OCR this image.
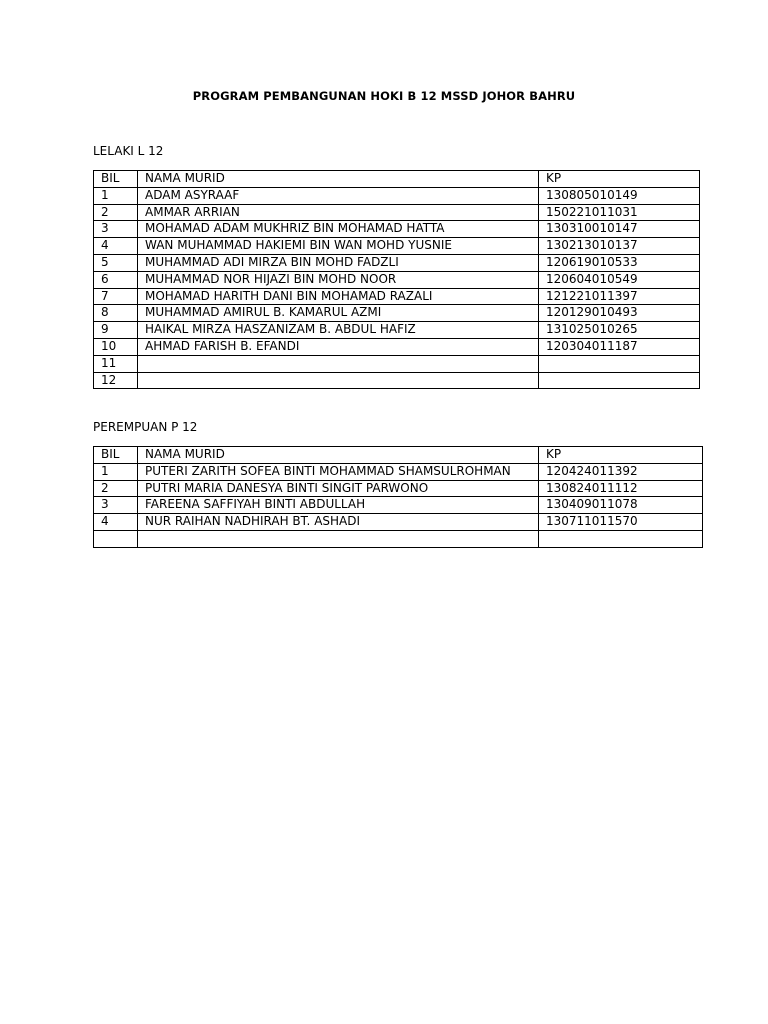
PROGRAM PEMBANGUNAN HOKI B 12 MSSD JOHOR BAHRU
LELAKI L 12
BIL	NAMA MURID	KP
1	ADAM ASYRAAF	130805010149
2	AMMAR ARRIAN	150221011031
3	MOHAMAD ADAM MUKHRIZ BIN MOHAMAD HATTA	130310010147
4	WAN MUHAMMAD HAKIEMI BIN WAN MOHD YUSNIE	130213010137
5	MUHAMMAD ADI MIRZA BIN MOHD FADZLI	120619010533
6	MUHAMMAD NOR HIJAZI BIN MOHD NOOR	120604010549
7	MOHAMAD HARITH DANI BIN MOHAMAD RAZALI	121221011397
8	MUHAMMAD AMIRUL B. KAMARUL AZMI	120129010493
9	HAIKAL MIRZA HASZANIZAM B. ABDUL HAFIZ	131025010265
10	AHMAD FARISH B. EFANDI	120304011187
11		
12		
PEREMPUAN P 12
BIL	NAMA MURID	KP
1	PUTERI ZARITH SOFEA BINTI MOHAMMAD SHAMSULROHMAN	120424011392
2	PUTRI MARIA DANESYA BINTI SINGIT PARWONO	130824011112
3	FAREENA SAFFIYAH BINTI ABDULLAH	130409011078
4	NUR RAIHAN NADHIRAH BT. ASHADI	130711011570
